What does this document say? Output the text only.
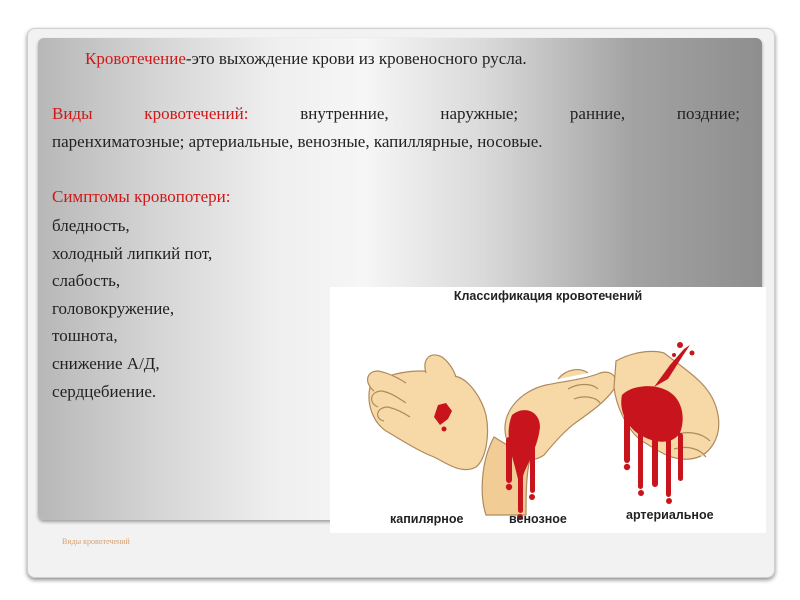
Кровотечение-это выхождение крови из кровеносного русла.
Виды кровотечений:	внутренние, наружные; ранние, поздние;
паренхиматозные; артериальные, венозные, капиллярные, носовые.
Симптомы кровопотери:
бледность,
холодный липкий пот,
слабость,
головокружение,
тошнота,
снижение А/Д,
сердцебиение.
Классификация кровотечений
капилярное	венозное	артериальное
Виды кровотечений
